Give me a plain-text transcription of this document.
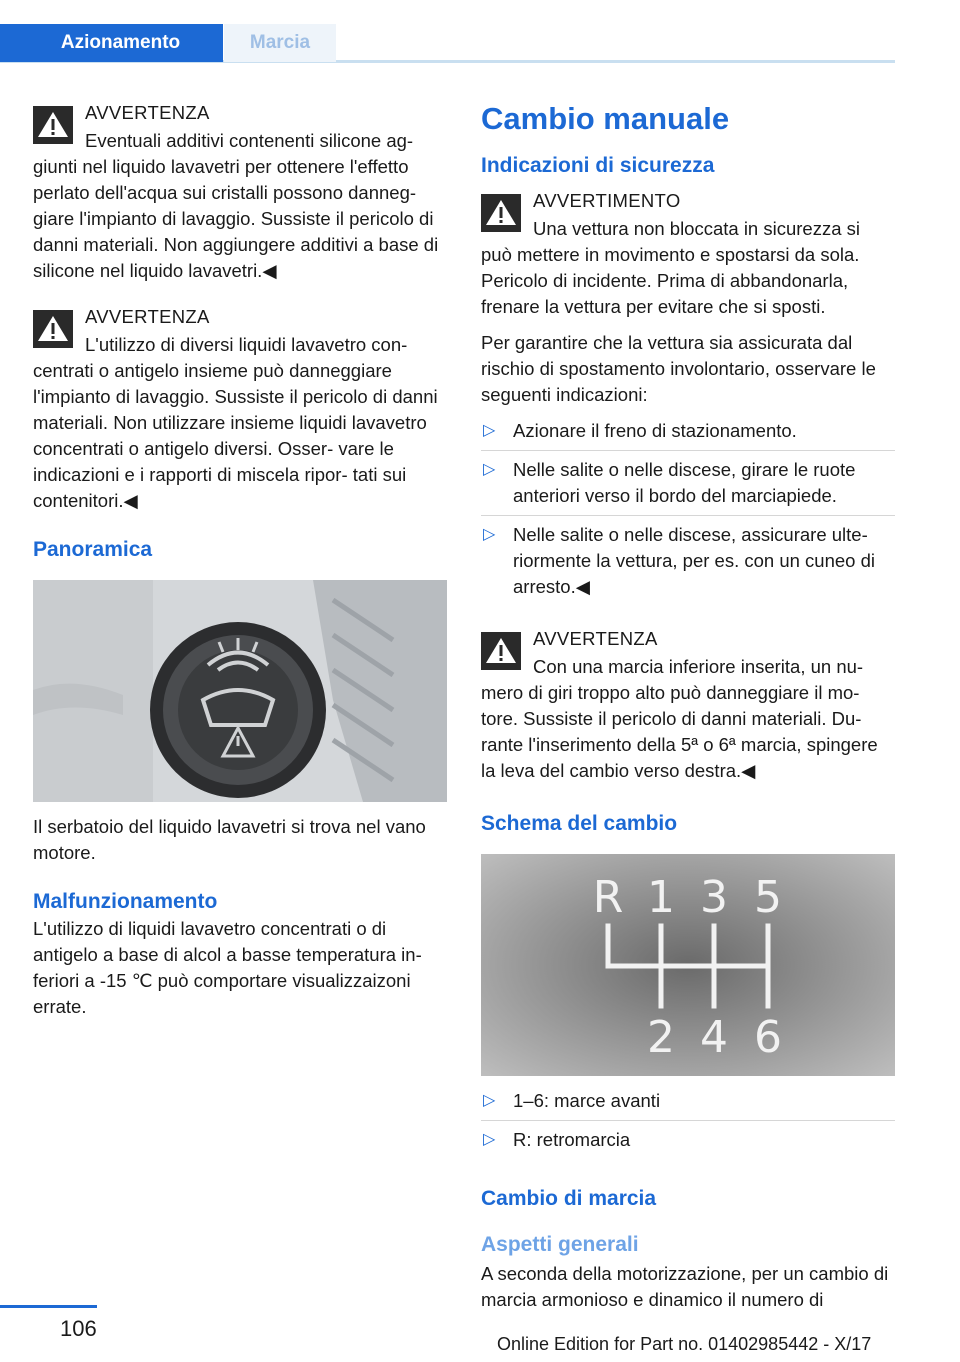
Azionamento	Marcia
AVVERTENZA
Eventuali additivi contenenti silicone ag‐

giunti nel liquido lavavetri per ottenere l'effetto perlato dell'acqua sui cristalli possono danneg‐ giare l'impianto di lavaggio. Sussiste il pericolo di danni materiali. Non aggiungere additivi a base di silicone nel liquido lavavetri.◀

AVVERTENZA
L'utilizzo di diversi liquidi lavavetro con‐

centrati o antigelo insieme può danneggiare l'impianto di lavaggio. Sussiste il pericolo di danni materiali. Non utilizzare insieme liquidi lavavetro concentrati o antigelo diversi. Osser‐ vare le indicazioni e i rapporti di miscela ripor‐ tati sui contenitori.◀

Panoramica

Il serbatoio del liquido lavavetri si trova nel vano motore.

Malfunzionamento

L'utilizzo di liquidi lavavetro concentrati o di antigelo a base di alcol a basse temperatura in‐ feriori a -15 ℃ può comportare visualizzaizoni errate.

Cambio manuale
Indicazioni di sicurezza
AVVERTIMENTO
Una vettura non bloccata in sicurezza si

può mettere in movimento e spostarsi da sola. Pericolo di incidente. Prima di abbandonarla, frenare la vettura per evitare che si sposti.

Per garantire che la vettura sia assicurata dal rischio di spostamento involontario, osservare le seguenti indicazioni:

▷ Azionare il freno di stazionamento.
▷ Nelle salite o nelle discese, girare le ruote anteriori verso il bordo del marciapiede.
▷ Nelle salite o nelle discese, assicurare ulte‐ riormente la vettura, per es. con un cuneo di arresto.◀
AVVERTENZA
Con una marcia inferiore inserita, un nu‐

mero di giri troppo alto può danneggiare il mo‐ tore. Sussiste il pericolo di danni materiali. Du‐ rante l'inserimento della 5ª o 6ª marcia, spingere la leva del cambio verso destra.◀

Schema del cambio
R 1 3 5
2 4 6
▷ 1–6: marce avanti
▷ R: retromarcia
Cambio di marcia
Aspetti generali

A seconda della motorizzazione, per un cambio di marcia armonioso e dinamico il numero di

106
Online Edition for Part no. 01402985442 - X/17
